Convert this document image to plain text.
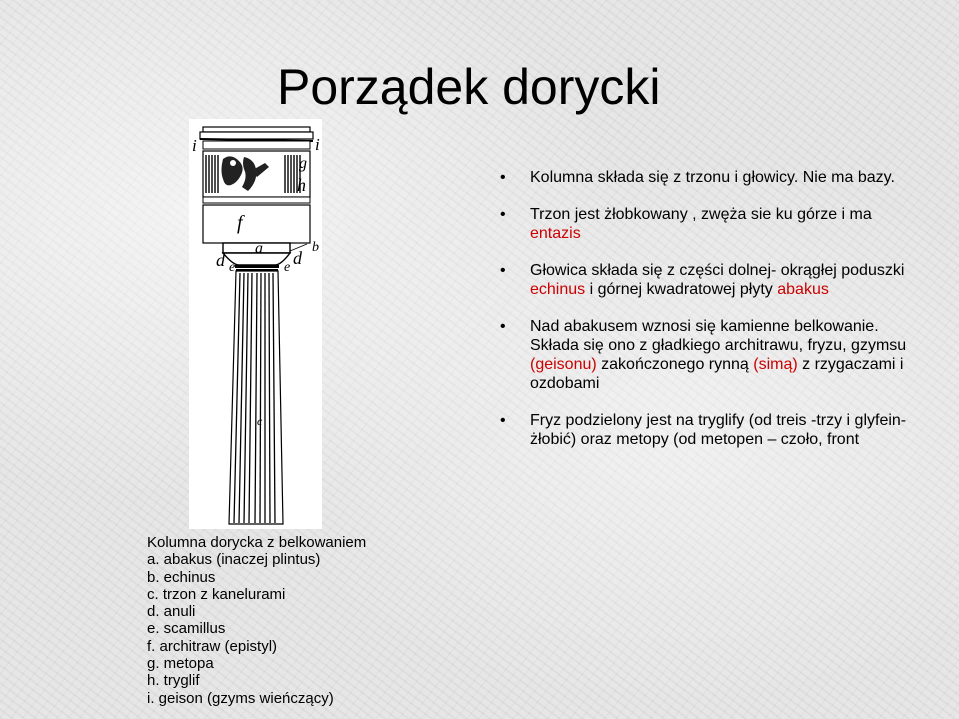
Porządek dorycki
i	i
g
h
f
a	b
d e	e d
c
• Kolumna składa się z trzonu i głowicy. Nie ma bazy.
• Trzon jest żłobkowany , zwęża sie ku górze i ma entazis
• Głowica składa się z części dolnej- okrągłej poduszki echinus i górnej kwadratowej płyty abakus
• Nad abakusem wznosi się kamienne belkowanie. Składa się ono z gładkiego architrawu, fryzu, gzymsu (geisonu) zakończonego rynną (simą) z rzygaczami i ozdobami
• Fryz podzielony jest na tryglify (od treis -trzy i glyfein- żłobić) oraz metopy (od metopen – czoło, front
Kolumna dorycka z belkowaniem
a. abakus (inaczej plintus)
b. echinus
c. trzon z kanelurami
d. anuli
e. scamillus
f. architraw (epistyl)
g. metopa
h. tryglif
i. geison (gzyms wieńczący)
